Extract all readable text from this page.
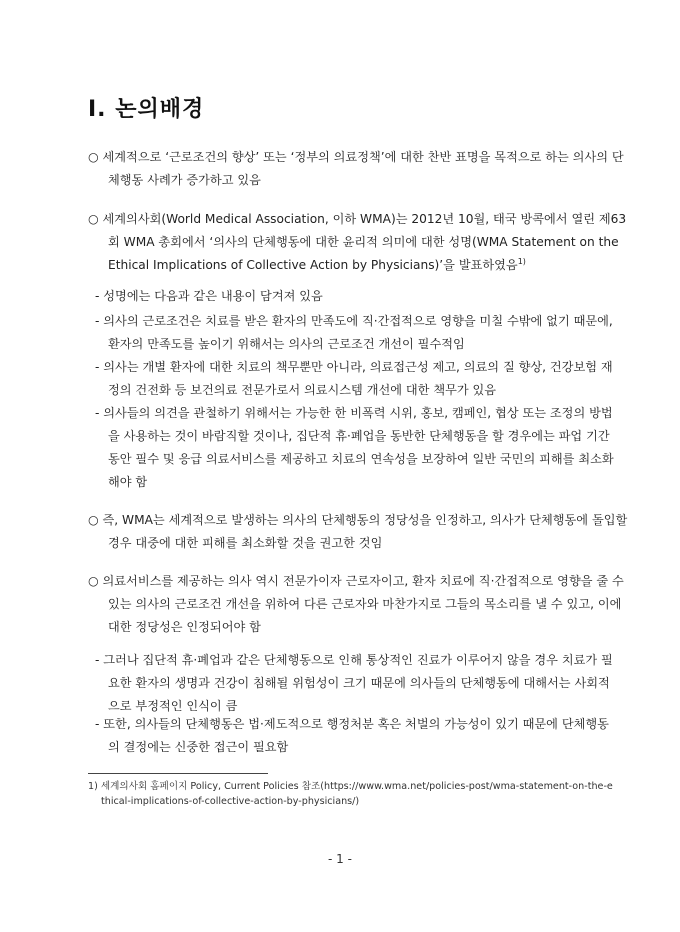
Ⅰ. 논의배경
○ 세계적으로 ‘근로조건의 향상’ 또는 ‘정부의 의료정책’에 대한 찬반 표명을 목적으로 하는 의사의 단체행동 사례가 증가하고 있음
○ 세계의사회(World Medical Association, 이하 WMA)는 2012년 10월, 태국 방콕에서 열린 제63회 WMA 총회에서 ‘의사의 단체행동에 대한 윤리적 의미에 대한 성명(WMA Statement on the Ethical Implications of Collective Action by Physicians)’을 발표하였음$^{1)}$
- 성명에는 다음과 같은 내용이 담겨져 있음
- 의사의 근로조건은 치료를 받은 환자의 만족도에 직·간접적으로 영향을 미칠 수밖에 없기 때문에, 환자의 만족도를 높이기 위해서는 의사의 근로조건 개선이 필수적임
- 의사는 개별 환자에 대한 치료의 책무뿐만 아니라, 의료접근성 제고, 의료의 질 향상, 건강보험 재정의 건전화 등 보건의료 전문가로서 의료시스템 개선에 대한 책무가 있음
- 의사들의 의견을 관철하기 위해서는 가능한 한 비폭력 시위, 홍보, 캠페인, 협상 또는 조정의 방법을 사용하는 것이 바람직할 것이나, 집단적 휴·폐업을 동반한 단체행동을 할 경우에는 파업 기간 동안 필수 및 응급 의료서비스를 제공하고 치료의 연속성을 보장하여 일반 국민의 피해를 최소화해야 함
○ 즉, WMA는 세계적으로 발생하는 의사의 단체행동의 정당성을 인정하고, 의사가 단체행동에 돌입할 경우 대중에 대한 피해를 최소화할 것을 권고한 것임
○ 의료서비스를 제공하는 의사 역시 전문가이자 근로자이고, 환자 치료에 직·간접적으로 영향을 줄 수 있는 의사의 근로조건 개선을 위하여 다른 근로자와 마찬가지로 그들의 목소리를 낼 수 있고, 이에 대한 정당성은 인정되어야 함
- 그러나 집단적 휴·폐업과 같은 단체행동으로 인해 통상적인 진료가 이루어지 않을 경우 치료가 필요한 환자의 생명과 건강이 침해될 위험성이 크기 때문에 의사들의 단체행동에 대해서는 사회적으로 부정적인 인식이 큼
- 또한, 의사들의 단체행동은 법·제도적으로 행정처분 혹은 처벌의 가능성이 있기 때문에 단체행동의 결정에는 신중한 접근이 필요함
1) 세계의사회 홈페이지 Policy, Current Policies 참조(https://www.wma.net/policies-post/wma-statement-on-the-ethical-implications-of-collective-action-by-physicians/)
- 1 -
